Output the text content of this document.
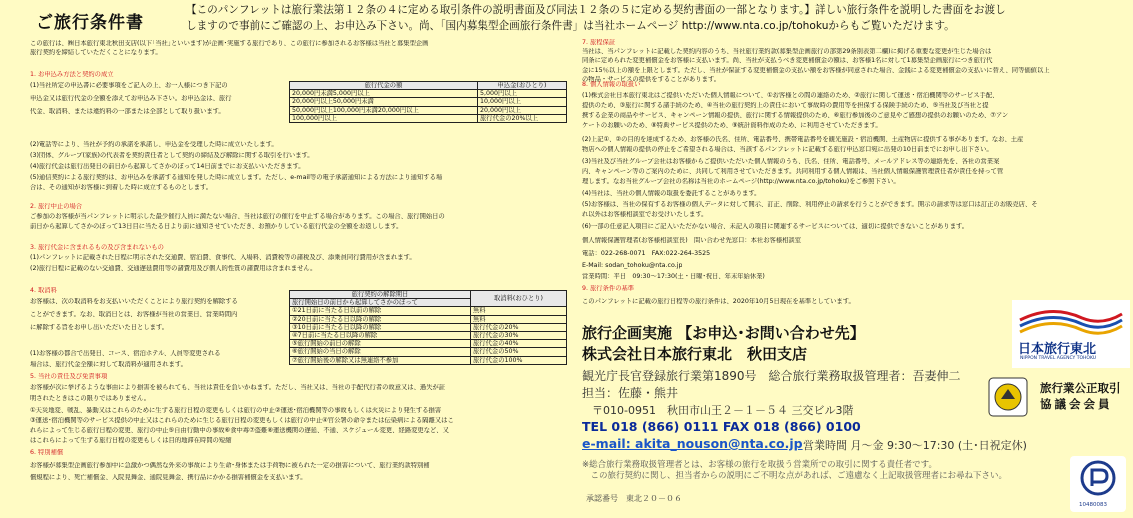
ご旅行条件書
【このパンフレットは旅行業法第１２条の４に定める取引条件の説明書面及び同法１２条の５に定める契約書面の一部となります。】詳しい旅行条件を説明した書面をお渡し
しますので事前にご確認の上、お申込み下さい。尚、「国内募集型企画旅行条件書」は当社ホームページ http://www.nta.co.jp/tohokuからもご覧いただけます。
この旅行は、㈱日本旅行東北秋田支店(以下｢当社｣といいます)が企画･実施する旅行であり、この旅行に参加されるお客様は当社と募集型企画
旅行契約を締結していただくことになります。
1. お申込み方法と契約の成立
(1)当社所定の申込書に必要事項をご記入の上、お一人様につき下記の
申込金又は旅行代金の全額を添えてお申込み下さい。お申込金は、旅行
代金、取消料、または違約料の一部または全部として取り扱います。
旅行代金の額	申込金(おひとり)
20,000円未満5,000円以上	5,000円以上
20,000円以上50,000円未満	10,000円以上
50,000円以上100,000円未満20,000円以上	20,000円以上
100,000円以上	旅行代金の20%以上
(2)電話等により、当社が予約の承諾を承諾し、申込金を受理した時に成立いたします。
(3)団体、グループ(家族)の代表者を契約責任者として契約の締結及び解除に関する取引を行います。
(4)旅行代金は旅行出発日の前日から起算してさかのぼって14日前までにお支払いいただきます。
(5)通信契約による旅行契約は、お申込みを承諾する通知を発した時に成立します。ただし、e-mail等の電子承諾通知による方法により通知する場
合は、その通知がお客様に到着した時に成立するものとします。
2. 旅行中止の場合
ご参加のお客様が当パンフレットに明示した最少催行人員に満たない場合、当社は旅行の催行を中止する場合があります。この場合、旅行開始日の
前日から起算してさかのぼって13日目に当たる日より前に通知させていただき、お預かりしている旅行代金の全額をお返しします。
3. 旅行代金に含まれるもの及び含まれないもの
(1)パンフレットに記載された日程に明示された交通費、宿泊費、食事代、入場料、消費税等の諸税及び、添乗員同行費用が含まれます。
(2)旅行日程に記載のない交通費、交通遅延費用等の諸費用及び個人的性質の諸費用は含まれません。
4. 取消料
お客様は、次の取消料をお支払いいただくことにより旅行契約を解除する
ことができます。なお、取消日とは、お客様が当社の営業日、営業時間内
に解除する旨をお申し出いただいた日とします。
旅行契約の解除期日	取消料(おひとり)
旅行開始日の前日から起算してさかのぼって	
①21日前に当たる日以前の解除	無料
②20日前に当たる日以降の解除	無料
③10日前に当たる日以降の解除	旅行代金の20%
④7日前に当たる日以降の解除	旅行代金の30%
⑤旅行開始の前日の解除	旅行代金の40%
⑥旅行開始の当日の解除	旅行代金の50%
⑦旅行開始後の解除又は無連絡不参加	旅行代金の100%
(1)お客様の都合で出発日、コース、宿泊ホテル、人員等変更される
場合は、旅行代金全額に対して取消料が適用されます。
5. 当社の責任及び免責事項
お客様が次に挙げるような事由により損害を被られても、当社は責任を負いかねます。ただし、当社又は、当社の手配代行者の故意又は、過失が証
明されたときはこの限りではありません。
①天災地変、戦乱、暴動又はこれらのために生ずる旅行日程の変更もしくは旅行の中止②運送･宿泊機関等の事故もしくは火災により発生する損害
③運送･宿泊機関等のサービス提供の中止又はこれらのために生じる旅行日程の変更もしくは旅行の中止④官公署の命令または伝染病による隔離又はこ
れらによって生じる旅行日程の変更、旅行の中止⑤自由行動中の事故⑥食中毒⑦盗難⑧運送機関の遅延、不通、スケジュール変更、経路変更など、又
はこれらによって生ずる旅行日程の変更もしくは目的地滞在時間の短縮
6. 特別補償
お客様が募集型企画旅行参加中に急激かつ偶然な外来の事故により生命･身体または手荷物に被られた一定の損害について、旅行業約款特別補
償規程により、死亡補償金、入院見舞金、通院見舞金、携行品にかかる損害補償金を支払います。
7. 旅程保証
当社は、当パンフレットに記載した契約内容のうち、当社旅行業約款(募集型企画旅行の部第29条別表第二欄)に掲げる重要な変更が生じた場合は
同条に定められた変更補償金をお客様に支払います。尚、当社が支払うべき変更補償金の額は、お客様1名に対して1募集型企画旅行につき旅行代
金に15％以上の額を上限とします。ただし、当社が保証する変更補償金の支払い額をお客様が同意された場合、金銭による変更補償金の支払いに替え、同等価値以上
の物品・サービスの提供をすることがあります。
8. 個人情報の取扱い
(1)株式会社日本旅行東北はご提供いただいた個人情報について、①お客様との間の連絡のため、②旅行に関して運送・宿泊機関等のサービス手配、
提供のため、③旅行に関する諸手続のため、④当社の旅行契約上の責任において事故時の費用等を担保する保険手続のため、⑤当社及び当社と提
携する企業の商品やサービス、キャンペーン情報の提供、旅行に関する情報提供のため、⑥旅行参加後のご意見やご感想の提供のお願いのため、⑦アン
ケートのお願いのため、⑧特典サービス提供のため、⑨統計資料作成のため、に利用させていただきます。
(2)上記①、②の目的を達成するため、お客様の氏名、住所、電話番号、携帯電話番号を観光施設・宿泊機関、土産物店に提供する事があります。なお、土産
物店への個人情報の提供の停止をご希望される場合は、当該するパンフレットに記載する旅行申込窓口宛に出発の10日前までにお申し出下さい。
(3)当社及び当社グループ会社はお客様からご提供いただいた個人情報のうち、氏名、住所、電話番号、メールアドレス等の連絡先を、各社の営業案
内、キャンペーン等のご案内のために、共同して利用させていただきます。共同利用する個人情報は、当社個人情報保護管理責任者が責任を持って管
理します。なお当社グループ会社の名称は当社のホームページ(http://www.nta.co.jp/tohoku)をご参照下さい。
(4)当社は、当社の個人情報の取扱を委託することがあります。
(5)お客様は、当社の保有するお客様の個人データに対して開示、訂正、削除、利用停止の請求を行うことができます。開示の請求等は窓口は訂正のお販売店、そ
れ以外はお客様相談室でお受けいたします。
(6)一部の任意記入項目にご記入いただかない場合、未記入の項目に関連するサービスについては、適切に提供できないことがあります。
個人情報保護管理者(お客様相談室長)　問い合わせ先窓口：本社お客様相談室
電話：022-268-0071　FAX:022-264-3525
E-Mail: sodan_tohoku@nta.co.jp
営業時間：平日　09:30〜17:30(土・日曜･祝日、年末年始休業)
9. 旅行条件の基準
このパンフレットに記載の旅行日程等の旅行条件は、2020年10月5日現在を基準としています。
旅行企画実施 【お申込･お問い合わせ先】
株式会社日本旅行東北　秋田支店
観光庁長官登録旅行業第1890号　総合旅行業務取扱管理者：吾妻伸二
担当：佐藤・熊井
〒010-0951　秋田市山王２－１－５４ 三交ビル3階
TEL 018 (866) 0111 FAX 018 (866) 0100
e-mail: akita_nouson@nta.co.jp 営業時間 月～金 9:30～17:30 (土･日祝定休)
※総合旅行業務取扱管理者とは、お客様の旅行を取扱う営業所での取引に関する責任者です。
　この旅行契約に関し、担当者からの説明にご不明な点があれば、ご遠慮なく上記取扱管理者にお尋ね下さい。
承認番号　東北２０－０６
日本旅行東北
NIPPON TRAVEL AGENCY TOHOKU
旅行業公正取引
協議会会員
10480083
